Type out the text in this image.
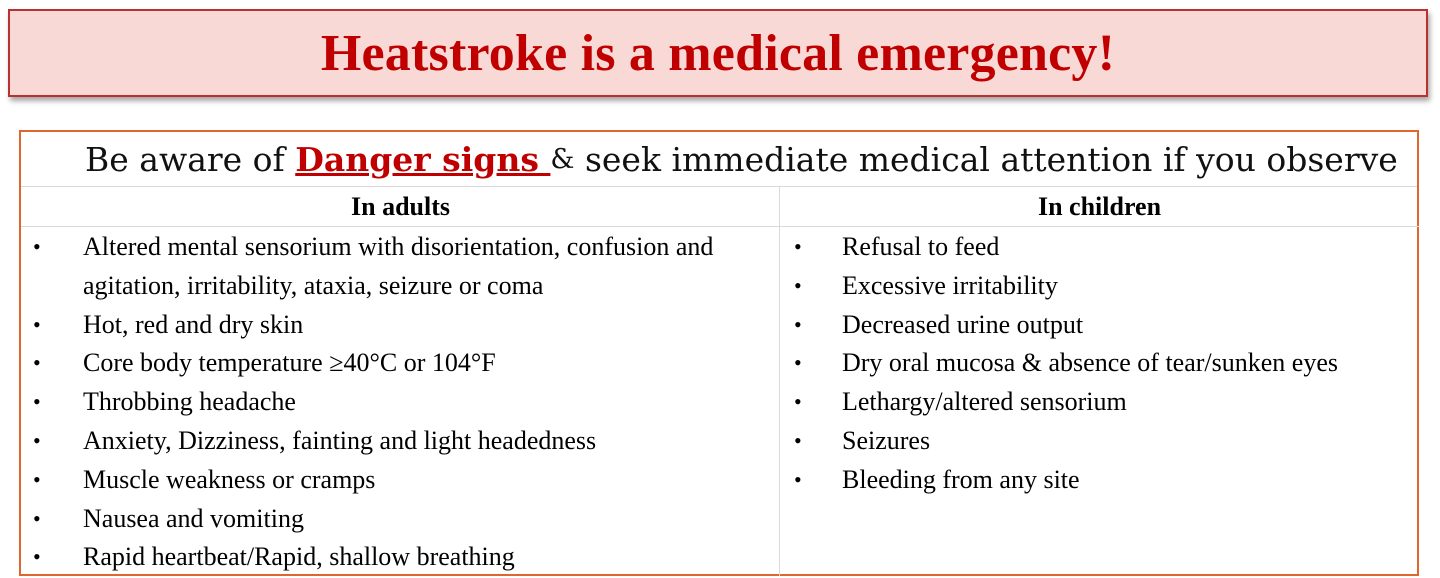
Heatstroke is a medical emergency!
Be aware of Danger signs & seek immediate medical attention if you observe
In adults	In children
• Altered mental sensorium with disorientation, confusion and agitation, irritability, ataxia, seizure or coma
• Hot, red and dry skin
• Core body temperature ≥40°C or 104°F
• Throbbing headache
• Anxiety, Dizziness, fainting and light headedness
• Muscle weakness or cramps
• Nausea and vomiting
• Rapid heartbeat/Rapid, shallow breathing
• Refusal to feed
• Excessive irritability
• Decreased urine output
• Dry oral mucosa & absence of tear/sunken eyes
• Lethargy/altered sensorium
• Seizures
• Bleeding from any site
